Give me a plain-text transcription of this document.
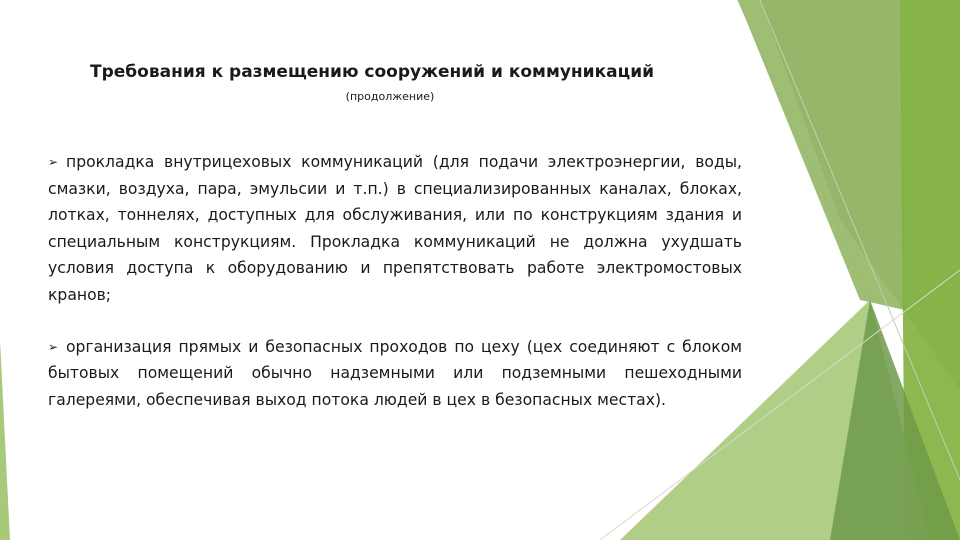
Требования к размещению сооружений и коммуникаций
(продолжение)

➢ прокладка внутрицеховых коммуникаций (для подачи электроэнергии, воды, смазки, воздуха, пара, эмульсии и т.п.) в специализированных каналах, блоках, лотках, тоннелях, доступных для обслуживания, или по конструкциям здания и специальным конструкциям. Прокладка коммуникаций не должна ухудшать условия доступа к оборудованию и препятствовать работе электромостовых кранов;

➢ организация прямых и безопасных проходов по цеху (цех соединяют с блоком бытовых помещений обычно надземными или подземными пешеходными галереями, обеспечивая выход потока людей в цех в безопасных местах).
